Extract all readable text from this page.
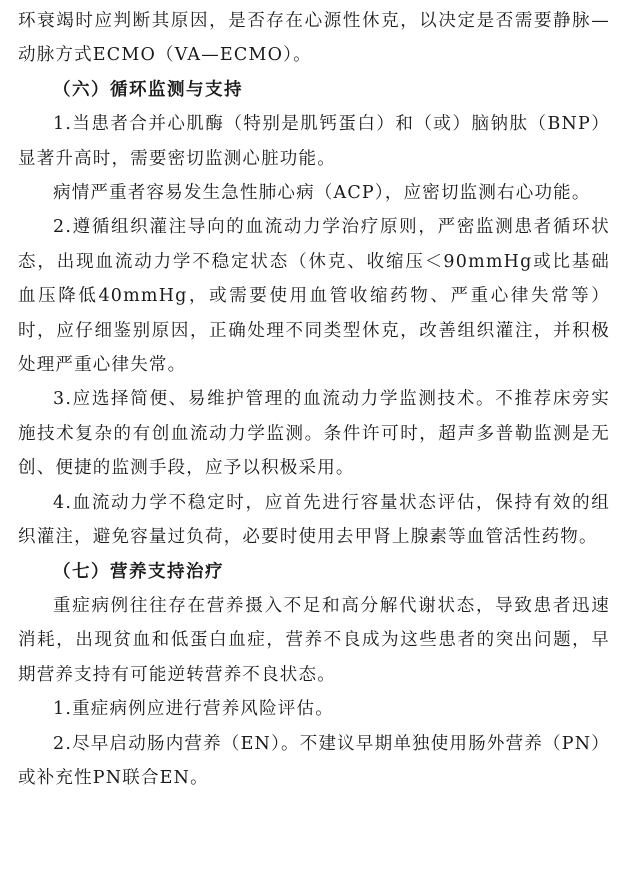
环衰竭时应判断其原因，是否存在心源性休克，以决定是否需要静脉—动脉方式ECMO（VA—ECMO）。

（六）循环监测与支持

1.当患者合并心肌酶（特别是肌钙蛋白）和（或）脑钠肽（BNP）显著升高时，需要密切监测心脏功能。

病情严重者容易发生急性肺心病（ACP），应密切监测右心功能。

2.遵循组织灌注导向的血流动力学治疗原则，严密监测患者循环状态，出现血流动力学不稳定状态（休克、收缩压＜90mmHg或比基础血压降低40mmHg，或需要使用血管收缩药物、严重心律失常等）时，应仔细鉴别原因，正确处理不同类型休克，改善组织灌注，并积极处理严重心律失常。

3.应选择简便、易维护管理的血流动力学监测技术。不推荐床旁实施技术复杂的有创血流动力学监测。条件许可时，超声多普勒监测是无创、便捷的监测手段，应予以积极采用。

4.血流动力学不稳定时，应首先进行容量状态评估，保持有效的组织灌注，避免容量过负荷，必要时使用去甲肾上腺素等血管活性药物。

（七）营养支持治疗

重症病例往往存在营养摄入不足和高分解代谢状态，导致患者迅速消耗，出现贫血和低蛋白血症，营养不良成为这些患者的突出问题，早期营养支持有可能逆转营养不良状态。

1.重症病例应进行营养风险评估。

2.尽早启动肠内营养（EN）。不建议早期单独使用肠外营养（PN）或补充性PN联合EN。
